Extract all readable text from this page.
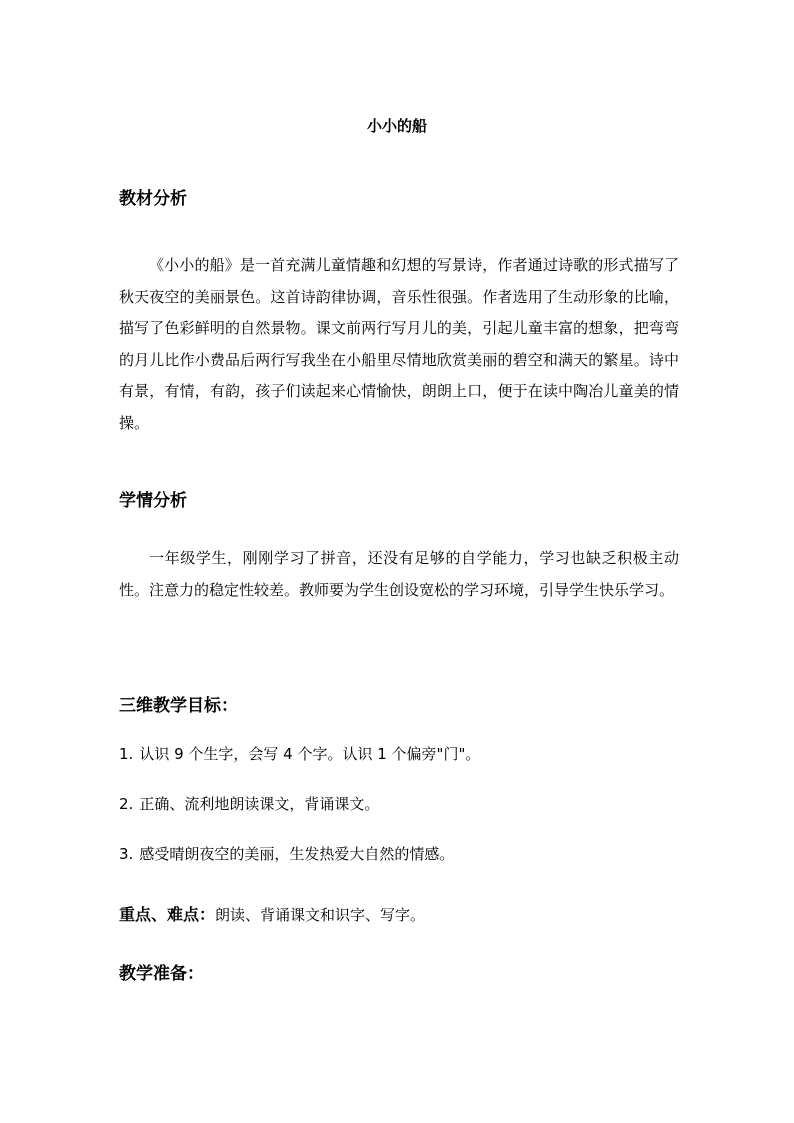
小小的船
教材分析

《小小的船》是一首充满儿童情趣和幻想的写景诗，作者通过诗歌的形式描写了秋天夜空的美丽景色。这首诗韵律协调，音乐性很强。作者选用了生动形象的比喻，描写了色彩鲜明的自然景物。课文前两行写月儿的美，引起儿童丰富的想象，把弯弯的月儿比作小费品后两行写我坐在小船里尽情地欣赏美丽的碧空和满天的繁星。诗中有景，有情，有韵，孩子们读起来心情愉快，朗朗上口，便于在读中陶冶儿童美的情操。

学情分析

一年级学生，刚刚学习了拼音，还没有足够的自学能力，学习也缺乏积极主动性。注意力的稳定性较差。教师要为学生创设宽松的学习环境，引导学生快乐学习。

三维教学目标：
1. 认识 9 个生字，会写 4 个字。认识 1 个偏旁"门"。
2. 正确、流利地朗读课文，背诵课文。
3. 感受晴朗夜空的美丽，生发热爱大自然的情感。
重点、难点：朗读、背诵课文和识字、写字。
教学准备：
